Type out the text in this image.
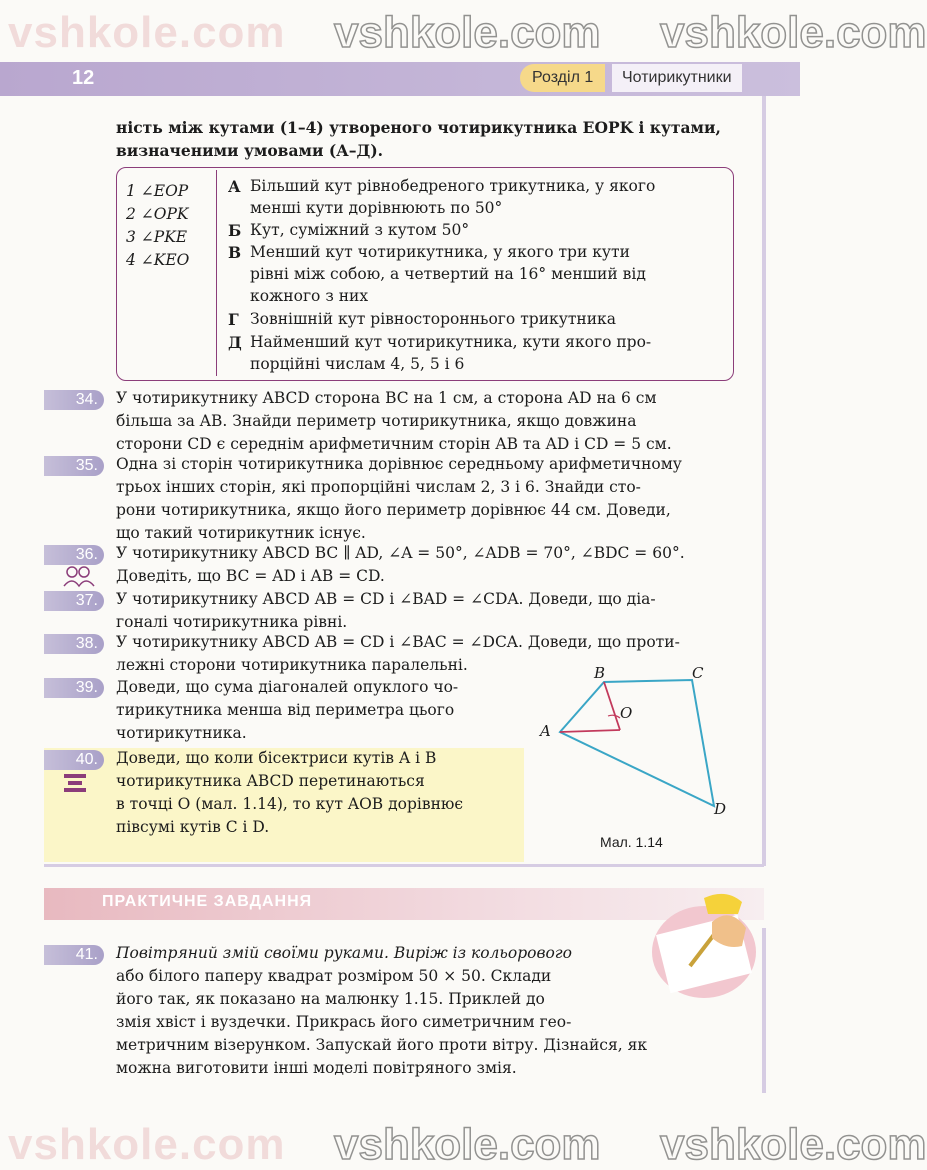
12	Розділ 1	Чотирикутники
ність між кутами (1–4) утвореного чотирикутника EOPK і кутами,
визначеними умовами (А–Д).
1 ∠EOP
2 ∠OPK
3 ∠PKE
4 ∠KEO
А Більший кут рівнобедреного трикутника, у якого
менші кути дорівнюють по 50°
Б Кут, суміжний з кутом 50°
В Менший кут чотирикутника, у якого три кути
рівні між собою, а четвертий на 16° менший від
кожного з них
Г Зовнішній кут рівностороннього трикутника
Д Найменший кут чотирикутника, кути якого про-
порційні числам 4, 5, 5 і 6
34.	У чотирикутнику ABCD сторона BC на 1 см, а сторона AD на 6 см
більша за AB. Знайди периметр чотирикутника, якщо довжина
сторони CD є середнім арифметичним сторін AB та AD і CD = 5 см.
35.	Одна зі сторін чотирикутника дорівнює середньому арифметичному
трьох інших сторін, які пропорційні числам 2, 3 і 6. Знайди сто-
рони чотирикутника, якщо його периметр дорівнює 44 см. Доведи,
що такий чотирикутник існує.
36.	У чотирикутнику ABCD BC ∥ AD, ∠A = 50°, ∠ADB = 70°, ∠BDC = 60°.
Доведіть, що BC = AD і AB = CD.
37.	У чотирикутнику ABCD AB = CD і ∠BAD = ∠CDA. Доведи, що діа-
гоналі чотирикутника рівні.
38.	У чотирикутнику ABCD AB = CD і ∠BAC = ∠DCA. Доведи, що проти-
лежні сторони чотирикутника паралельні.
39.	Доведи, що сума діагоналей опуклого чо-
тирикутника менша від периметра цього
чотирикутника.
40.	Доведи, що коли бісектриси кутів A і B
чотирикутника ABCD перетинаються
в точці O (мал. 1.14), то кут AOB дорівнює
півсумі кутів C і D.
A
B	C
D
O
Мал. 1.14
ПРАКТИЧНЕ ЗАВДАННЯ
41.	Повітряний змій своїми руками. Виріж із кольорового
або білого паперу квадрат розміром 50 × 50. Склади
його так, як показано на малюнку 1.15. Приклей до
змія хвіст і вуздечки. Прикрась його симетричним гео-
метричним візерунком. Запускай його проти вітру. Дізнайся, як
можна виготовити інші моделі повітряного змія.
vshkole.com vshkole.com vshkole.com
vshkole.com vshkole.com vshkole.com
